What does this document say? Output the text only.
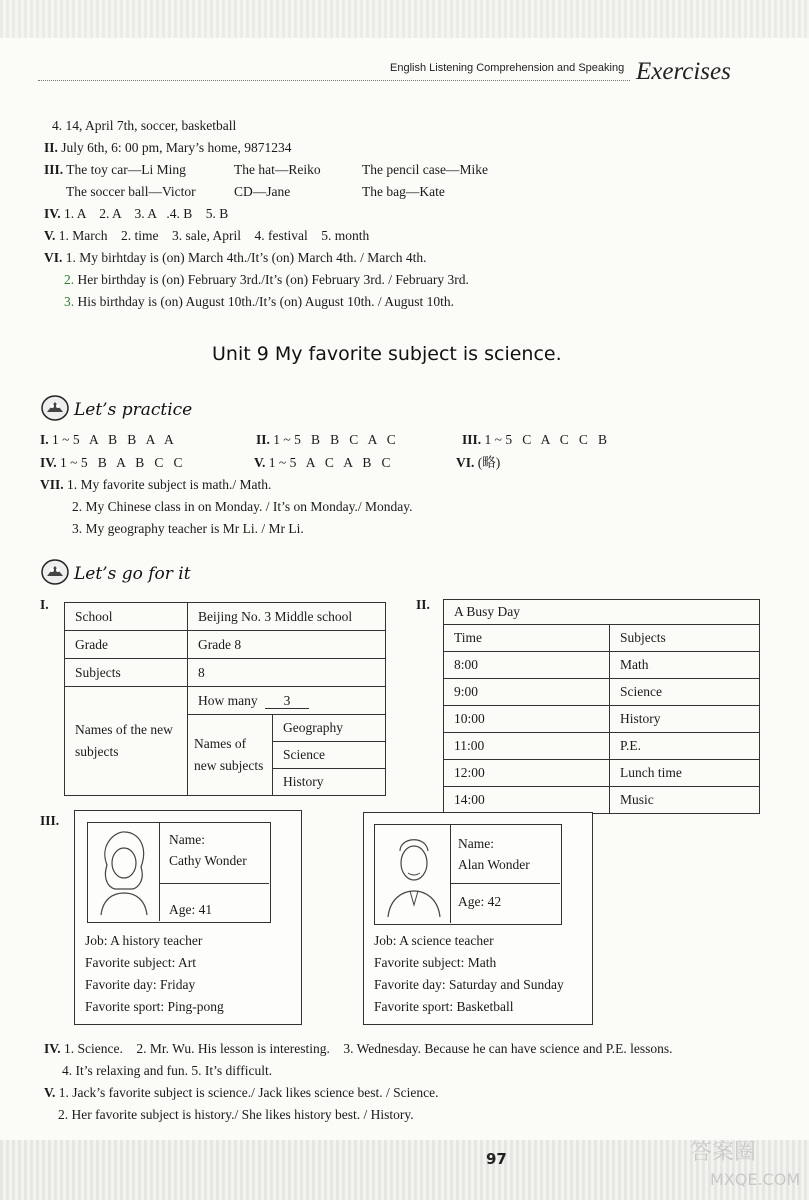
English Listening Comprehension and Speaking Exercises
4. 14, April 7th, soccer, basketball
II. July 6th, 6: 00 pm, Mary’s home, 9871234
III. The toy car—Li Ming	The hat—Reiko	The pencil case—Mike
The soccer ball—Victor	CD—Jane	The bag—Kate
IV. 1. A    2. A    3. A   .4. B    5. B
V. 1. March    2. time    3. sale, April    4. festival    5. month
VI. 1. My birhtday is (on) March 4th./It’s (on) March 4th. / March 4th.
2. Her birthday is (on) February 3rd./It’s (on) February 3rd. / February 3rd.
3. His birthday is (on) August 10th./It’s (on) August 10th. / August 10th.
Unit 9 My favorite subject is science.
Let’s practice
I. 1 ~ 5   A   B   B   A   A	II. 1 ~ 5   B   B   C   A   C	III. 1 ~ 5   C   A   C   C   B
IV. 1 ~ 5   B   A   B   C   C	V. 1 ~ 5   A   C   A   B   C	VI. (略)
VII. 1. My favorite subject is math./ Math.
2. My Chinese class in on Monday. / It’s on Monday./ Monday.
3. My geography teacher is Mr Li. / Mr Li.
Let’s go for it
I.
School	Beijing No. 3 Middle school	
Grade	Grade 8	
Subjects	8	
Names of the new subjects	How many 3	
	Names of new subjects	Geography
		Science
		History
II. A Busy Day	
Time	Subjects
8:00	Math
9:00	Science
10:00	History
11:00	P.E.
12:00	Lunch time
14:00	Music
III.
Name:
Cathy Wonder
Age: 41
Job: A history teacher
Favorite subject: Art
Favorite day: Friday
Favorite sport: Ping-pong
Name:
Alan Wonder
Age: 42
Job: A science teacher
Favorite subject: Math
Favorite day: Saturday and Sunday
Favorite sport: Basketball
IV. 1. Science.    2. Mr. Wu. His lesson is interesting.    3. Wednesday. Because he can have science and P.E. lessons.
4. It’s relaxing and fun. 5. It’s difficult.
V. 1. Jack’s favorite subject is science./ Jack likes science best. / Science.
2. Her favorite subject is history./ She likes history best. / History.
97	答案圈
MXQE.COM
